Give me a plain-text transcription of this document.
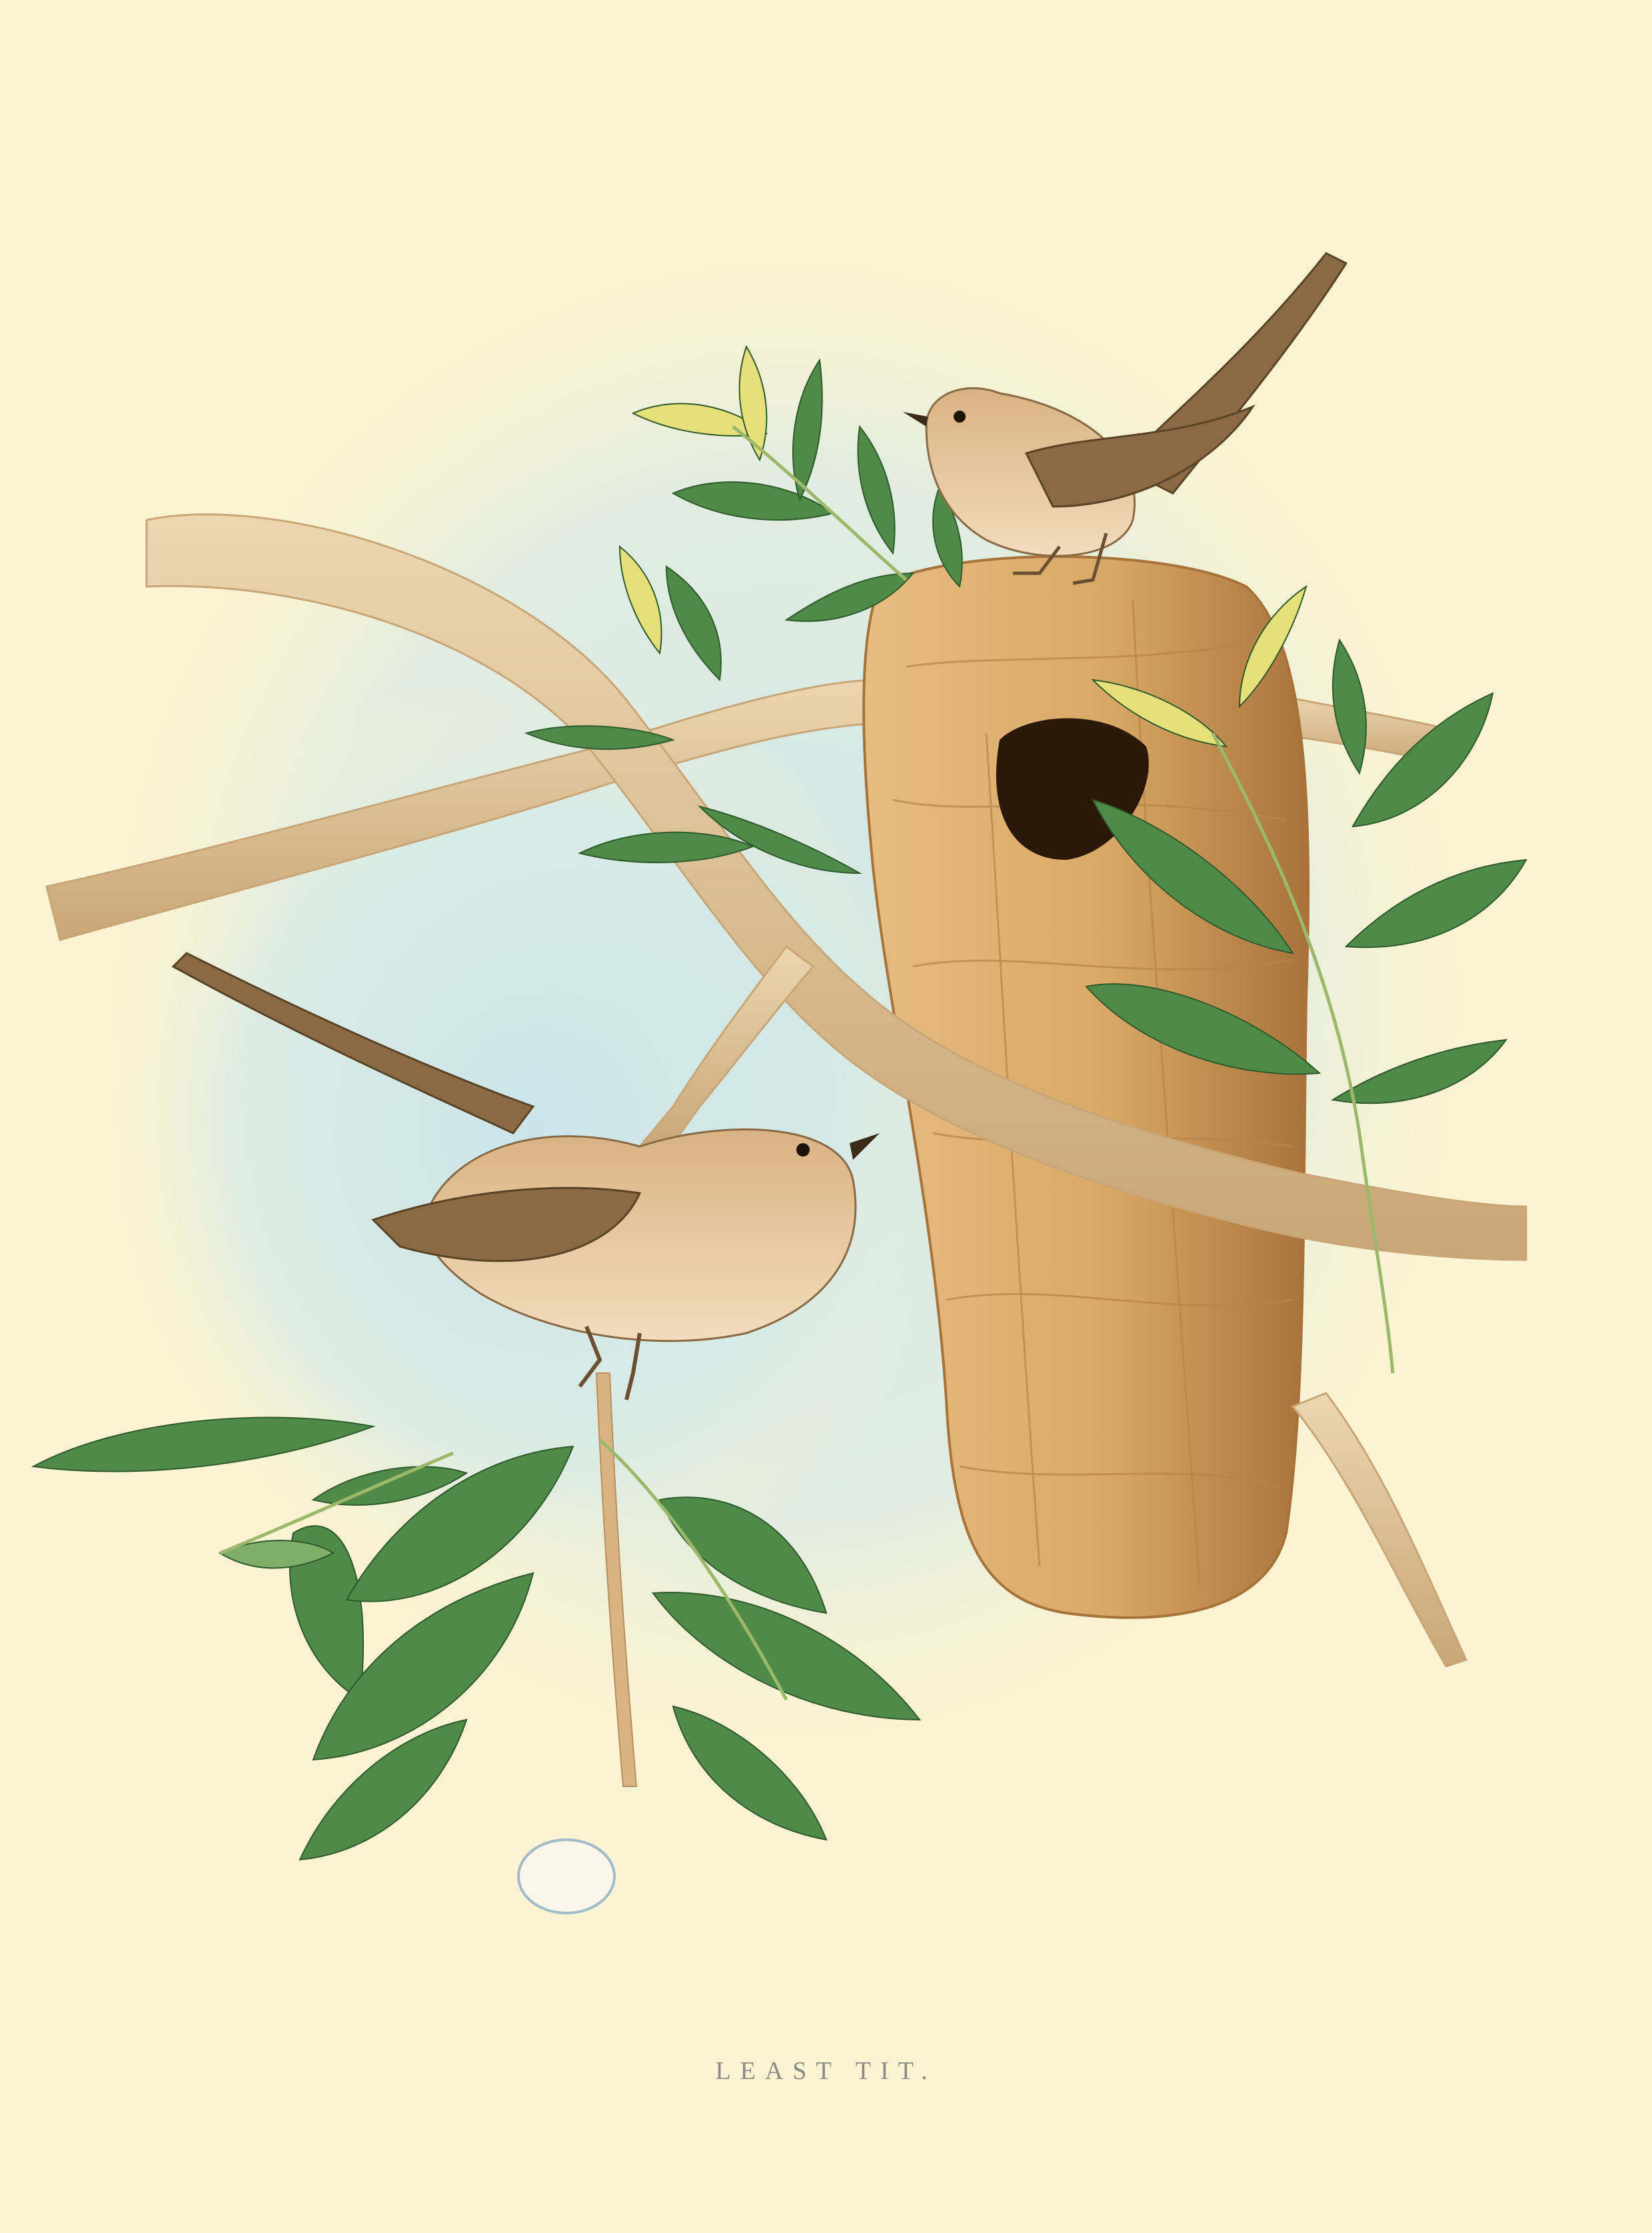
LEAST TIT.
